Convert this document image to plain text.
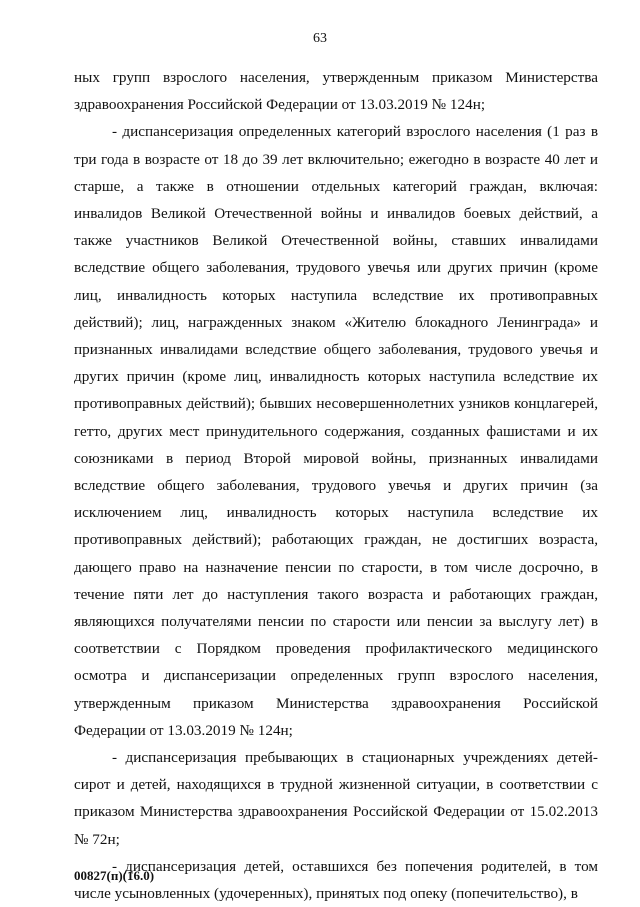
63

ных групп взрослого населения, утвержденным приказом Министерства здравоохранения Российской Федерации от 13.03.2019 № 124н;

- диспансеризация определенных категорий взрослого населения (1 раз в три года в возрасте от 18 до 39 лет включительно; ежегодно в возрасте 40 лет и старше, а также в отношении отдельных категорий граждан, включая: инвалидов Великой Отечественной войны и инвалидов боевых действий, а также участников Великой Отечественной войны, ставших инвалидами вследствие общего заболевания, трудового увечья или других причин (кроме лиц, инвалидность которых наступила вследствие их противоправных действий); лиц, награжденных знаком «Жителю блокадного Ленинграда» и признанных инвалидами вследствие общего заболевания, трудового увечья и других причин (кроме лиц, инвалидность которых наступила вследствие их противоправных действий); бывших несовершеннолетних узников концлагерей, гетто, других мест принудительного содержания, созданных фашистами и их союзниками в период Второй мировой войны, признанных инвалидами вследствие общего заболевания, трудового увечья и других причин (за исключением лиц, инвалидность которых наступила вследствие их противоправных действий); работающих граждан, не достигших возраста, дающего право на назначение пенсии по старости, в том числе досрочно, в течение пяти лет до наступления такого возраста и работающих граждан, являющихся получателями пенсии по старости или пенсии за выслугу лет) в соответствии с Порядком проведения профилактического медицинского осмотра и диспансеризации определенных групп взрослого населения, утвержденным приказом Министерства здравоохранения Российской Федерации от 13.03.2019 № 124н;

- диспансеризация пребывающих в стационарных учреждениях детей-сирот и детей, находящихся в трудной жизненной ситуации, в соответствии с приказом Министерства здравоохранения Российской Федерации от 15.02.2013 № 72н;

- диспансеризация детей, оставшихся без попечения родителей, в том числе усыновленных (удочеренных), принятых под опеку (попечительство), в

00827(п)(16.0)
